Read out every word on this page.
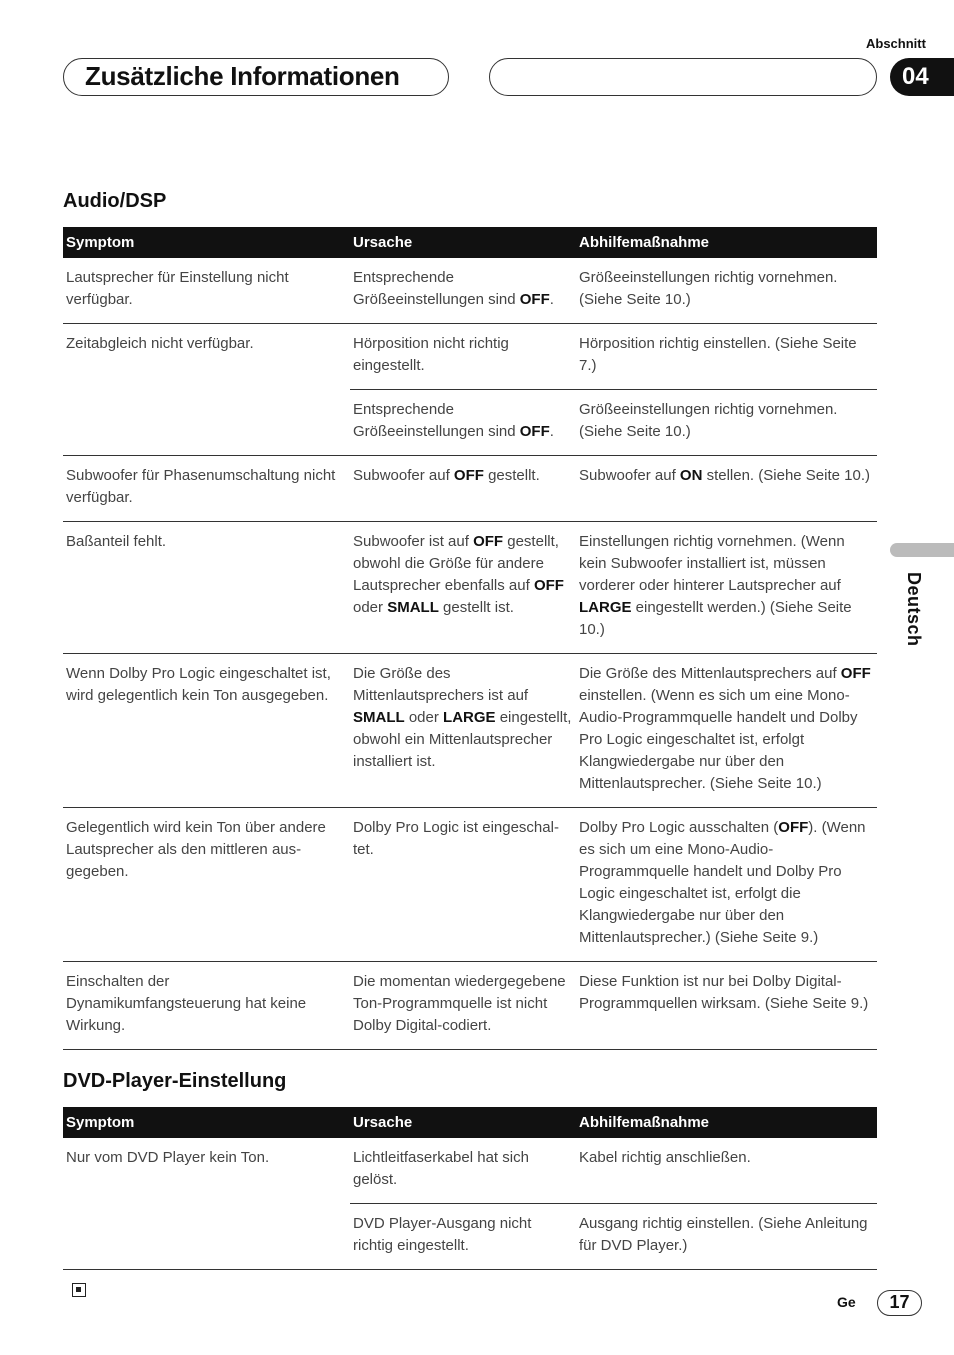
Abschnitt
Zusätzliche Informationen	04
Deutsch
Audio/DSP
Symptom	Ursache	Abhilfemaßnahme
Lautsprecher für Einstellung nicht verfügbar.	Entsprechende Größeeinstellungen sind OFF.	Größeeinstellungen richtig vornehmen. (Siehe Seite 10.)
Zeitabgleich nicht verfügbar.	Hörposition nicht richtig eingestellt.	Hörposition richtig einstellen. (Siehe Seite 7.)
	Entsprechende Größeeinstellungen sind OFF.	Größeeinstellungen richtig vornehmen. (Siehe Seite 10.)
Subwoofer für Phasenumschaltung nicht verfügbar.	Subwoofer auf OFF gestellt.	Subwoofer auf ON stellen. (Siehe Seite 10.)
Baßanteil fehlt.	Subwoofer ist auf OFF gestellt, obwohl die Größe für andere Lautsprecher ebenfalls auf OFF oder SMALL gestellt ist.	Einstellungen richtig vornehmen. (Wenn kein Subwoofer installiert ist, müssen vorderer oder hinterer Lautsprecher auf LARGE eingestellt werden.) (Siehe Seite 10.)
Wenn Dolby Pro Logic eingeschaltet ist, wird gelegentlich kein Ton ausgegeben.	Die Größe des Mittenlautsprechers ist auf SMALL oder LARGE eingestellt, obwohl ein Mittenlautsprecher installiert ist.	Die Größe des Mittenlautsprechers auf OFF einstellen. (Wenn es sich um eine Mono-Audio-Programmquelle handelt und Dolby Pro Logic eingeschaltet ist, erfolgt Klangwiedergabe nur über den Mittenlautsprecher. (Siehe Seite 10.)
Gelegentlich wird kein Ton über andere Lautsprecher als den mittleren aus-gegeben.	Dolby Pro Logic ist eingeschal-tet.	Dolby Pro Logic ausschalten (OFF). (Wenn es sich um eine Mono-Audio-Programmquelle handelt und Dolby Pro Logic eingeschaltet ist, erfolgt die Klangwiedergabe nur über den Mittenlautsprecher.) (Siehe Seite 9.)
Einschalten der Dynamikumfangsteuerung hat keine Wirkung.	Die momentan wiedergegebene Ton-Programmquelle ist nicht Dolby Digital-codiert.	Diese Funktion ist nur bei Dolby Digital-Programmquellen wirksam. (Siehe Seite 9.)
DVD-Player-Einstellung
Symptom	Ursache	Abhilfemaßnahme
Nur vom DVD Player kein Ton.	Lichtleitfaserkabel hat sich gelöst.	Kabel richtig anschließen.
	DVD Player-Ausgang nicht richtig eingestellt.	Ausgang richtig einstellen. (Siehe Anleitung für DVD Player.)
Ge	17
